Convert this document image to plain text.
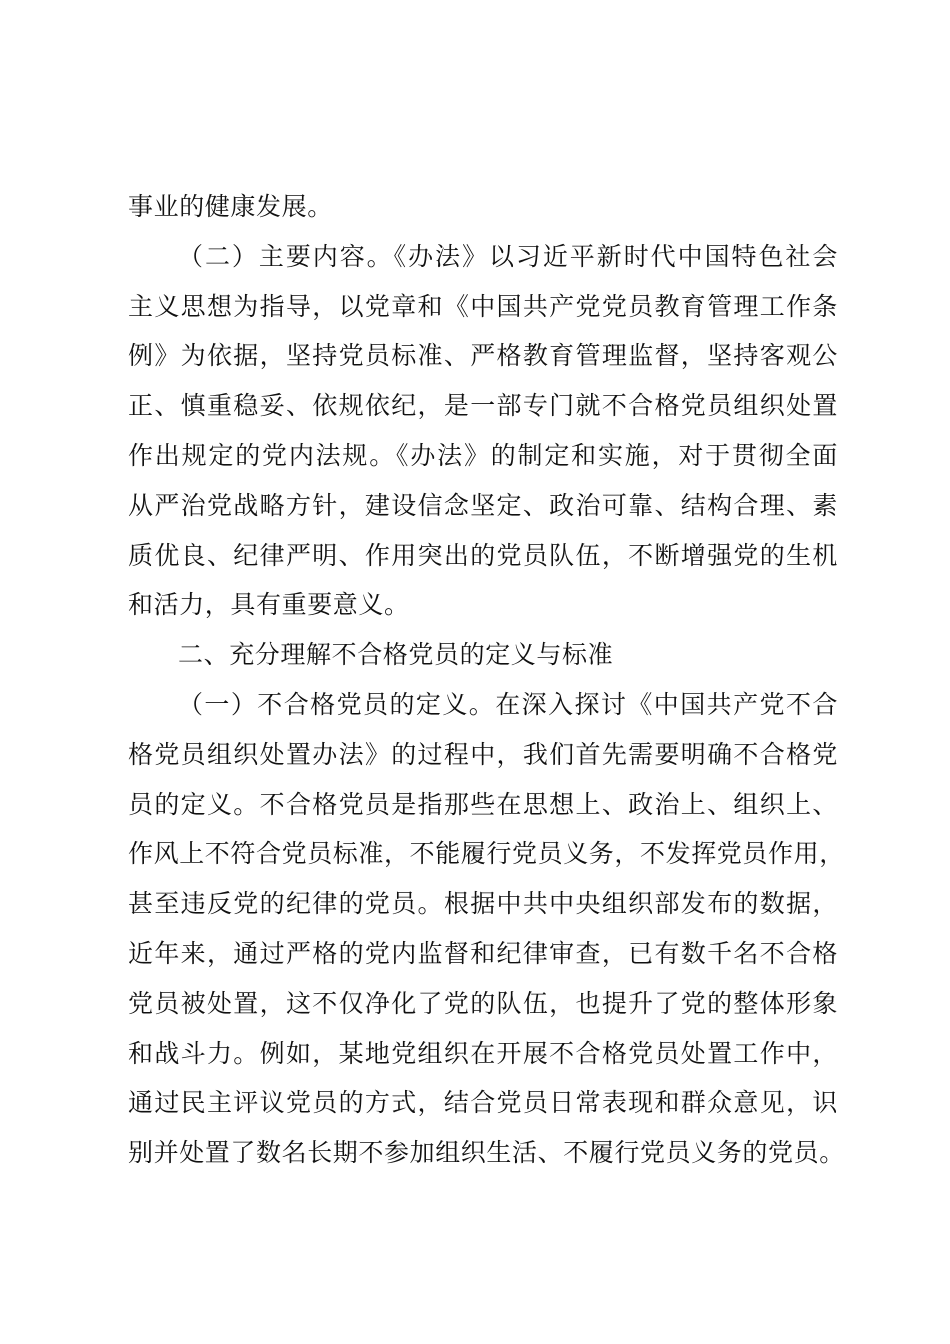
事业的健康发展。
（二）主要内容。《办法》以习近平新时代中国特色社会
主义思想为指导，以党章和《中国共产党党员教育管理工作条
例》为依据，坚持党员标准、严格教育管理监督，坚持客观公
正、慎重稳妥、依规依纪，是一部专门就不合格党员组织处置
作出规定的党内法规。《办法》的制定和实施，对于贯彻全面
从严治党战略方针，建设信念坚定、政治可靠、结构合理、素
质优良、纪律严明、作用突出的党员队伍，不断增强党的生机
和活力，具有重要意义。
二、充分理解不合格党员的定义与标准
（一）不合格党员的定义。在深入探讨《中国共产党不合
格党员组织处置办法》的过程中，我们首先需要明确不合格党
员的定义。不合格党员是指那些在思想上、政治上、组织上、
作风上不符合党员标准，不能履行党员义务，不发挥党员作用，
甚至违反党的纪律的党员。根据中共中央组织部发布的数据，
近年来，通过严格的党内监督和纪律审查，已有数千名不合格
党员被处置，这不仅净化了党的队伍，也提升了党的整体形象
和战斗力。例如，某地党组织在开展不合格党员处置工作中，
通过民主评议党员的方式，结合党员日常表现和群众意见，识
别并处置了数名长期不参加组织生活、不履行党员义务的党员。
